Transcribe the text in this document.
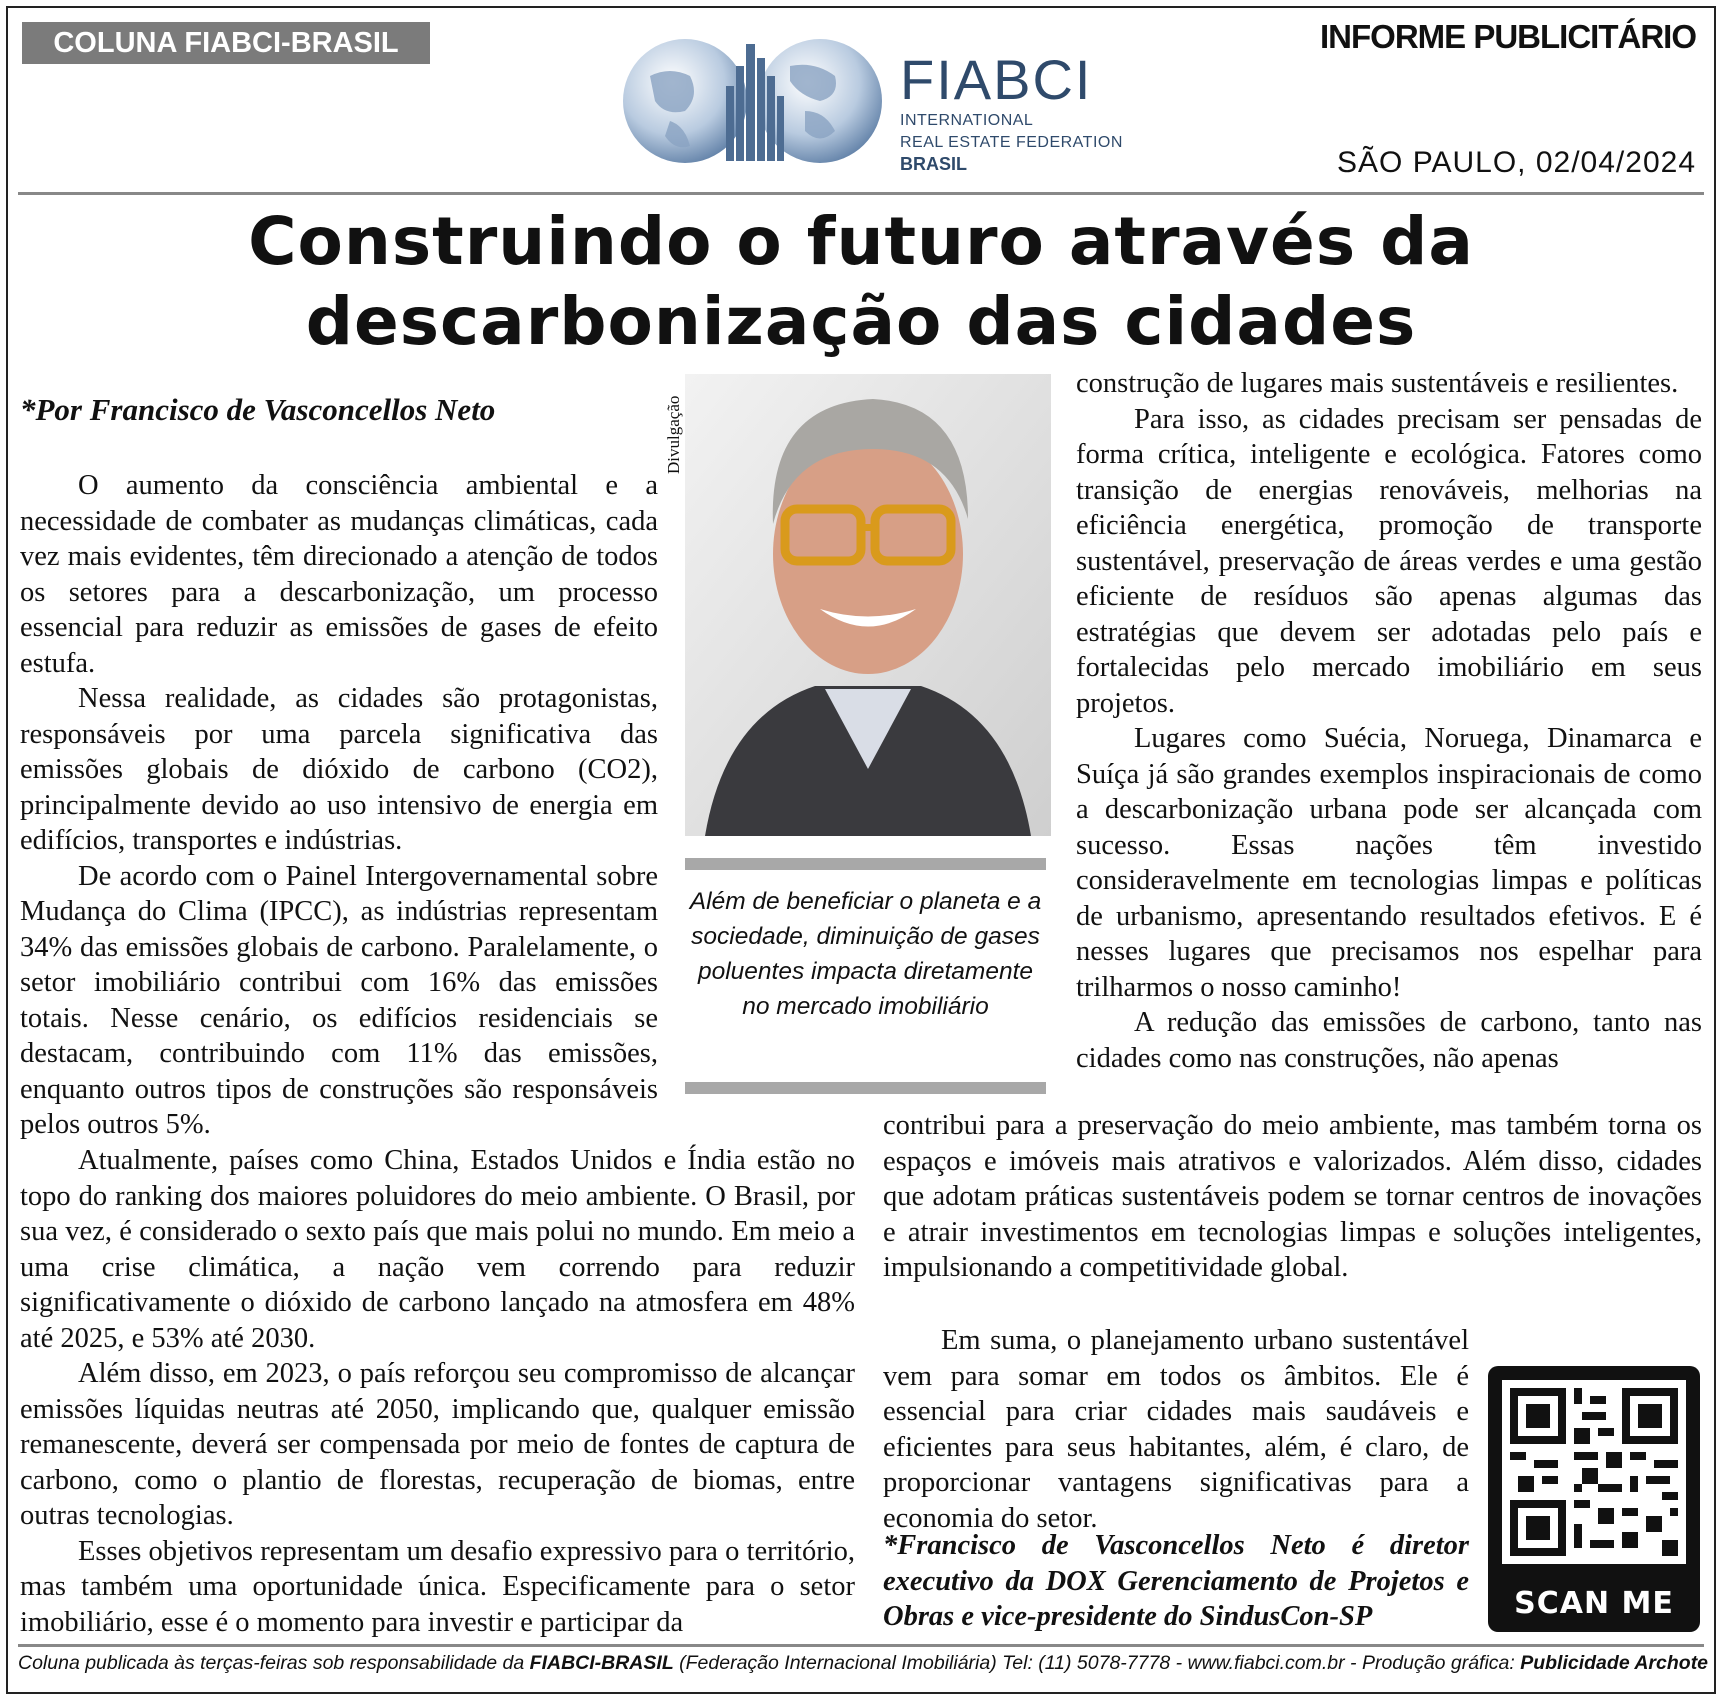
COLUNA FIABCI-BRASIL	INFORME PUBLICITÁRIO
SÃO PAULO, 02/04/2024
FIABCI
INTERNATIONAL
REAL ESTATE FEDERATION
BRASIL
Construindo o futuro através da
descarbonização das cidades
*Por Francisco de Vasconcellos Neto

O aumento da consciência ambiental e a necessidade de combater as mudanças climáticas, cada vez mais evidentes, têm direcionado a atenção de todos os setores para a descarbonização, um processo essencial para reduzir as emissões de gases de efeito estufa.

Nessa realidade, as cidades são protagonistas, responsáveis por uma parcela significativa das emissões globais de dióxido de carbono (CO2), principalmente devido ao uso intensivo de energia em edifícios, transportes e indústrias.

De acordo com o Painel Intergovernamental sobre Mudança do Clima (IPCC), as indústrias representam 34% das emissões globais de carbono. Paralelamente, o setor imobiliário contribui com 16% das emissões totais. Nesse cenário, os edifícios residenciais se destacam, contribuindo com 11% das emissões, enquanto outros tipos de construções são responsáveis pelos outros 5%.

Atualmente, países como China, Estados Unidos e Índia estão no topo do ranking dos maiores poluidores do meio ambiente. O Brasil, por sua vez, é considerado o sexto país que mais polui no mundo. Em meio a uma crise climática, a nação vem correndo para reduzir significativamente o dióxido de carbono lançado na atmosfera em 48% até 2025, e 53% até 2030.

Além disso, em 2023, o país reforçou seu compromisso de alcançar emissões líquidas neutras até 2050, implicando que, qualquer emissão remanescente, deverá ser compensada por meio de fontes de captura de carbono, como o plantio de florestas, recuperação de biomas, entre outras tecnologias.

Esses objetivos representam um desafio expressivo para o território, mas também uma oportunidade única. Especificamente para o setor imobiliário, esse é o momento para investir e participar da

Divulgação
Além de beneficiar o planeta e a sociedade, diminuição de gases poluentes impacta diretamente no mercado imobiliário

construção de lugares mais sustentáveis e resilientes.

Para isso, as cidades precisam ser pensadas de forma crítica, inteligente e ecológica. Fatores como transição de energias renováveis, melhorias na eficiência energética, promoção de transporte sustentável, preservação de áreas verdes e uma gestão eficiente de resíduos são apenas algumas das estratégias que devem ser adotadas pelo país e fortalecidas pelo mercado imobiliário em seus projetos.

Lugares como Suécia, Noruega, Dinamarca e Suíça já são grandes exemplos inspiracionais de como a descarbonização urbana pode ser alcançada com sucesso. Essas nações têm investido consideravelmente em tecnologias limpas e políticas de urbanismo, apresentando resultados efetivos. E é nesses lugares que precisamos nos espelhar para trilharmos o nosso caminho!

A redução das emissões de carbono, tanto nas cidades como nas construções, não apenas

contribui para a preservação do meio ambiente, mas também torna os espaços e imóveis mais atrativos e valorizados. Além disso, cidades que adotam práticas sustentáveis podem se tornar centros de inovações e atrair investimentos em tecnologias limpas e soluções inteligentes, impulsionando a competitividade global.

Em suma, o planejamento urbano sustentável vem para somar em todos os âmbitos. Ele é essencial para criar cidades mais saudáveis e eficientes para seus habitantes, além, é claro, de proporcionar vantagens significativas para a economia do setor.

*Francisco de Vasconcellos Neto é diretor executivo da DOX Gerenciamento de Projetos e Obras e vice-presidente do SindusCon-SP	SCAN ME
Coluna publicada às terças-feiras sob responsabilidade da FIABCI-BRASIL (Federação Internacional Imobiliária) Tel: (11) 5078-7778 - www.fiabci.com.br - Produção gráfica: Publicidade Archote
